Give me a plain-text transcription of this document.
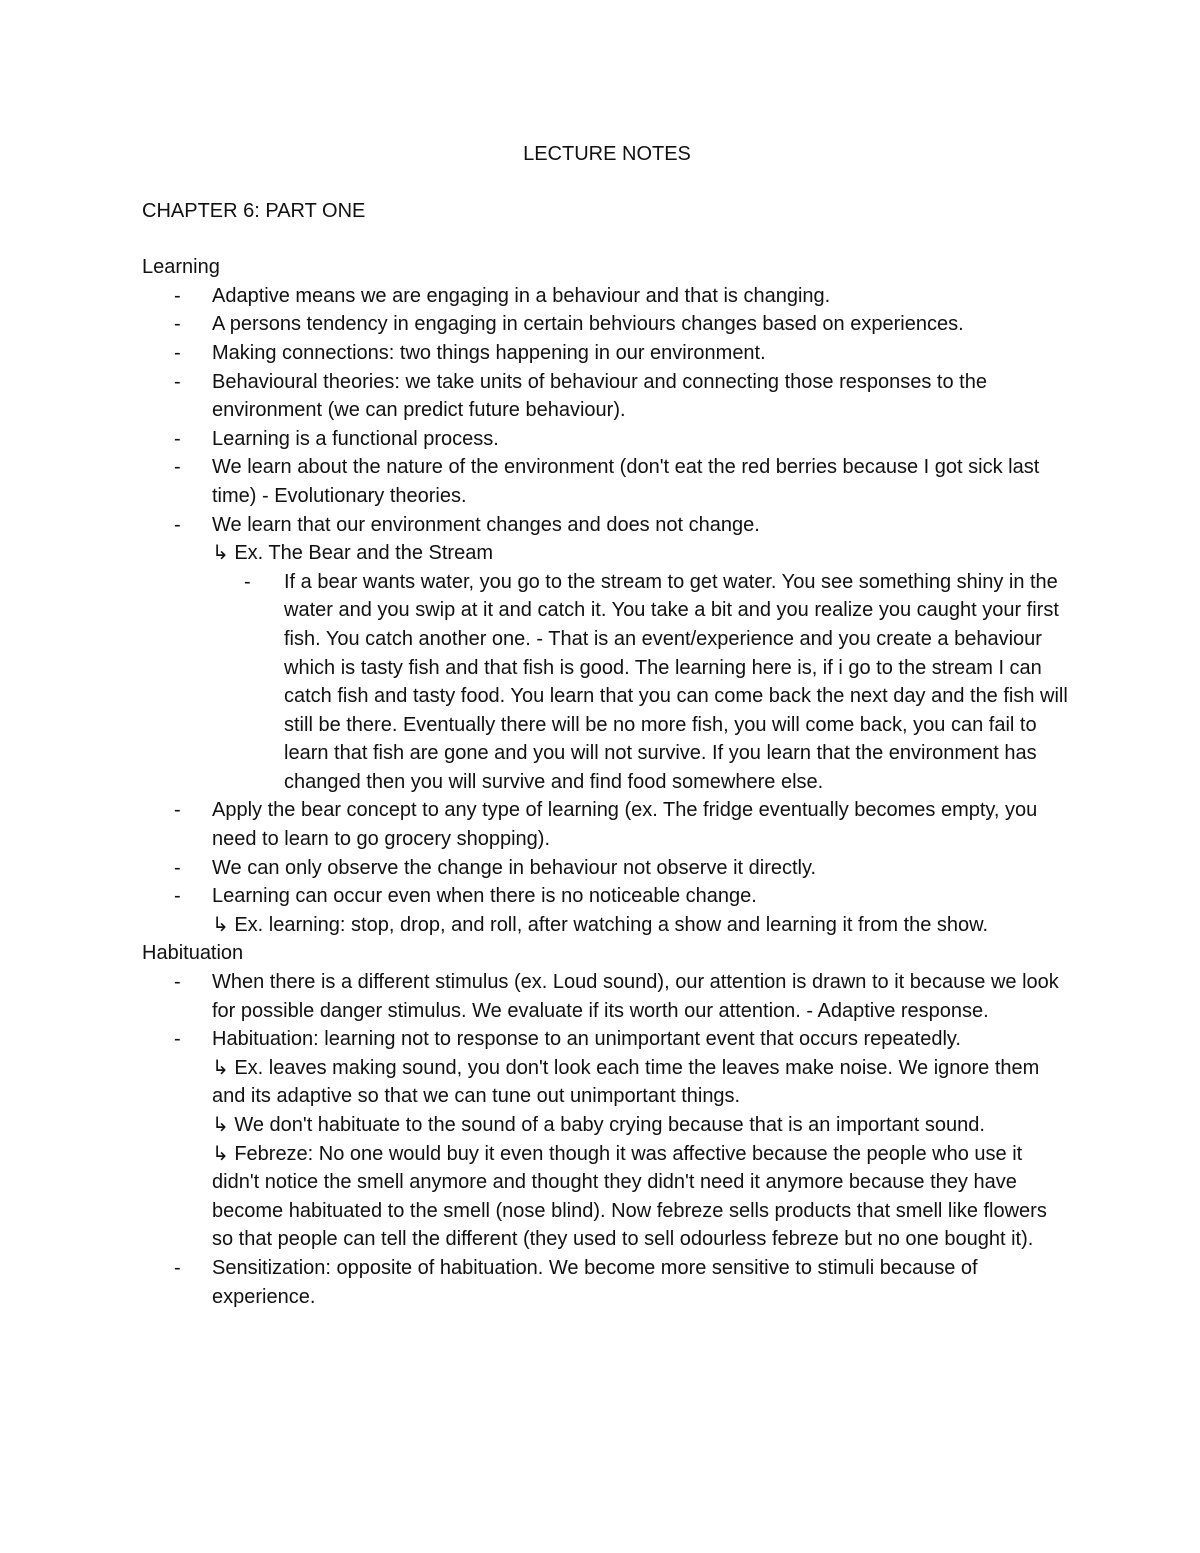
LECTURE NOTES
CHAPTER 6: PART ONE
Learning
- Adaptive means we are engaging in a behaviour and that is changing.
- A persons tendency in engaging in certain behviours changes based on experiences.
- Making connections: two things happening in our environment.
- Behavioural theories: we take units of behaviour and connecting those responses to the environment (we can predict future behaviour).
- Learning is a functional process.
- We learn about the nature of the environment (don't eat the red berries because I got sick last time) - Evolutionary theories.
- We learn that our environment changes and does not change.
↳ Ex. The Bear and the Stream
- If a bear wants water, you go to the stream to get water. You see something shiny in the water and you swip at it and catch it. You take a bit and you realize you caught your first fish. You catch another one. - That is an event/experience and you create a behaviour which is tasty fish and that fish is good. The learning here is, if i go to the stream I can catch fish and tasty food. You learn that you can come back the next day and the fish will still be there. Eventually there will be no more fish, you will come back, you can fail to learn that fish are gone and you will not survive. If you learn that the environment has changed then you will survive and find food somewhere else.
- Apply the bear concept to any type of learning (ex. The fridge eventually becomes empty, you need to learn to go grocery shopping).
- We can only observe the change in behaviour not observe it directly.
- Learning can occur even when there is no noticeable change.
↳ Ex. learning: stop, drop, and roll, after watching a show and learning it from the show.
Habituation
- When there is a different stimulus (ex. Loud sound), our attention is drawn to it because we look for possible danger stimulus. We evaluate if its worth our attention. - Adaptive response.
- Habituation: learning not to response to an unimportant event that occurs repeatedly.
↳ Ex. leaves making sound, you don't look each time the leaves make noise. We ignore them and its adaptive so that we can tune out unimportant things.
↳ We don't habituate to the sound of a baby crying because that is an important sound.
↳ Febreze: No one would buy it even though it was affective because the people who use it didn't notice the smell anymore and thought they didn't need it anymore because they have become habituated to the smell (nose blind). Now febreze sells products that smell like flowers so that people can tell the different (they used to sell odourless febreze but no one bought it).
- Sensitization: opposite of habituation. We become more sensitive to stimuli because of experience.
